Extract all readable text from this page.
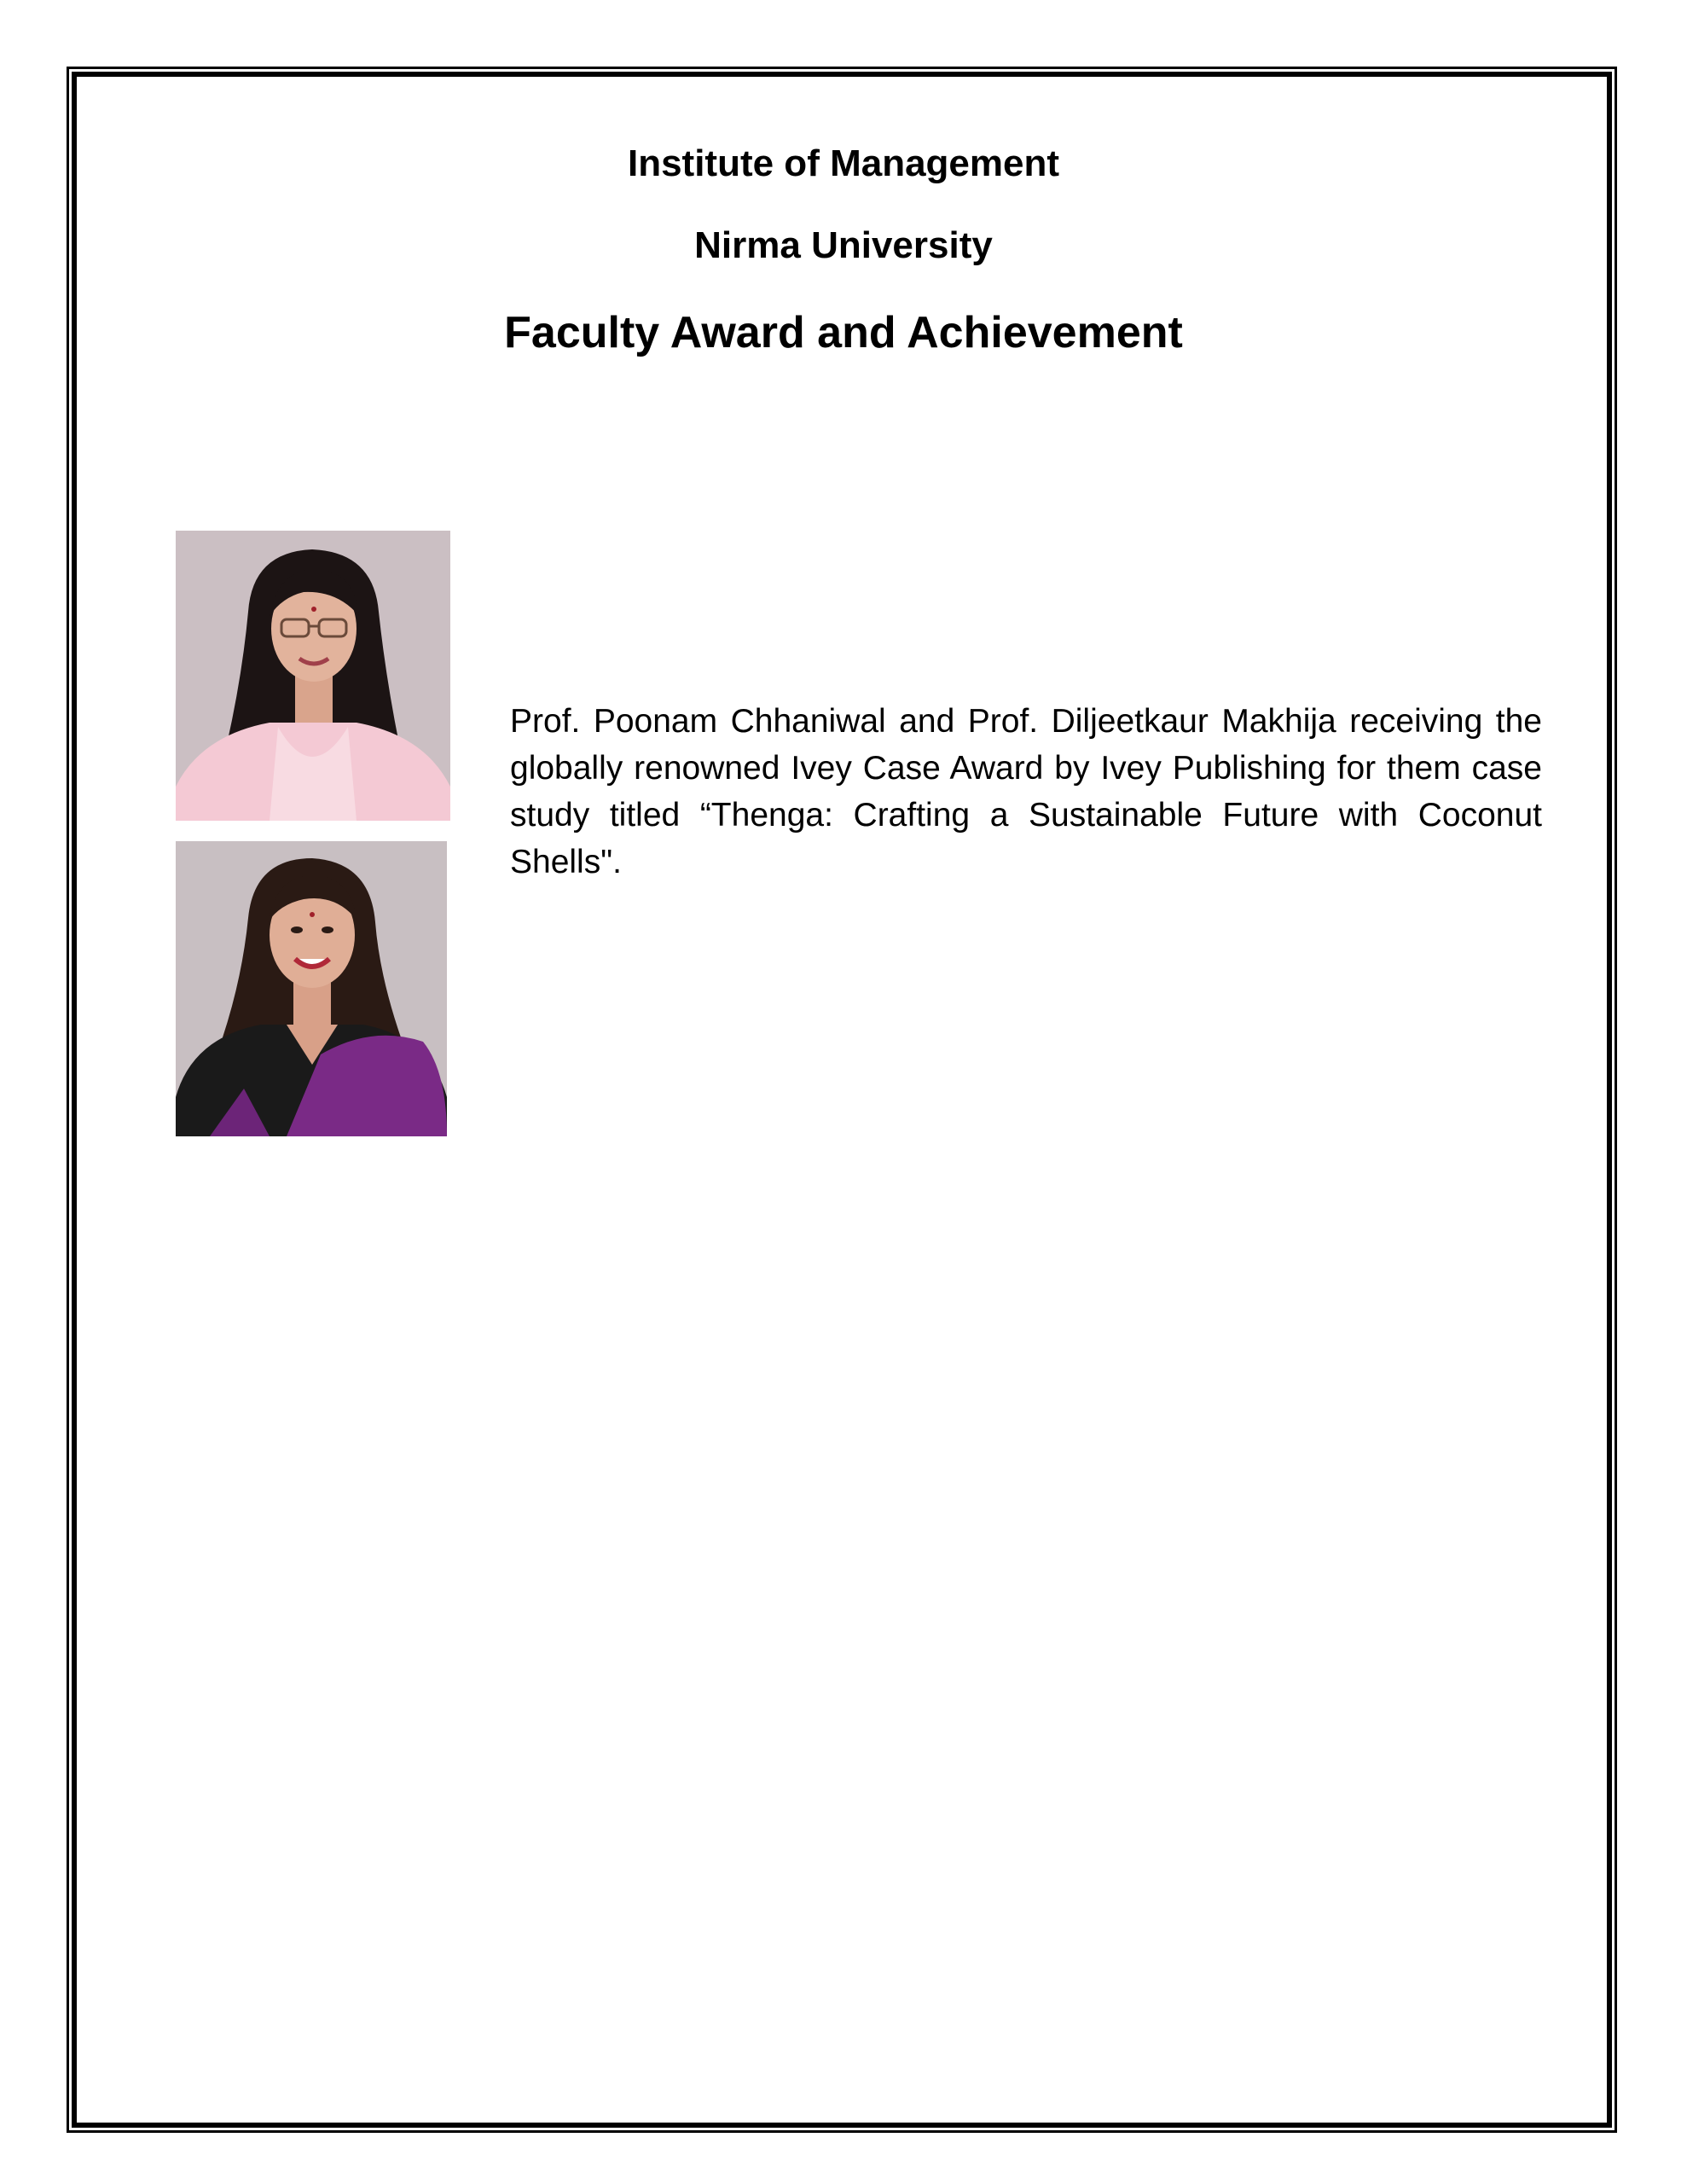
Institute of Management
Nirma University
Faculty Award and Achievement

Prof. Poonam Chhaniwal and Prof. Diljeetkaur Makhija receiving the globally renowned Ivey Case Award by Ivey Publishing for them case study titled “Thenga: Crafting a Sustainable Future with Coconut Shells".
